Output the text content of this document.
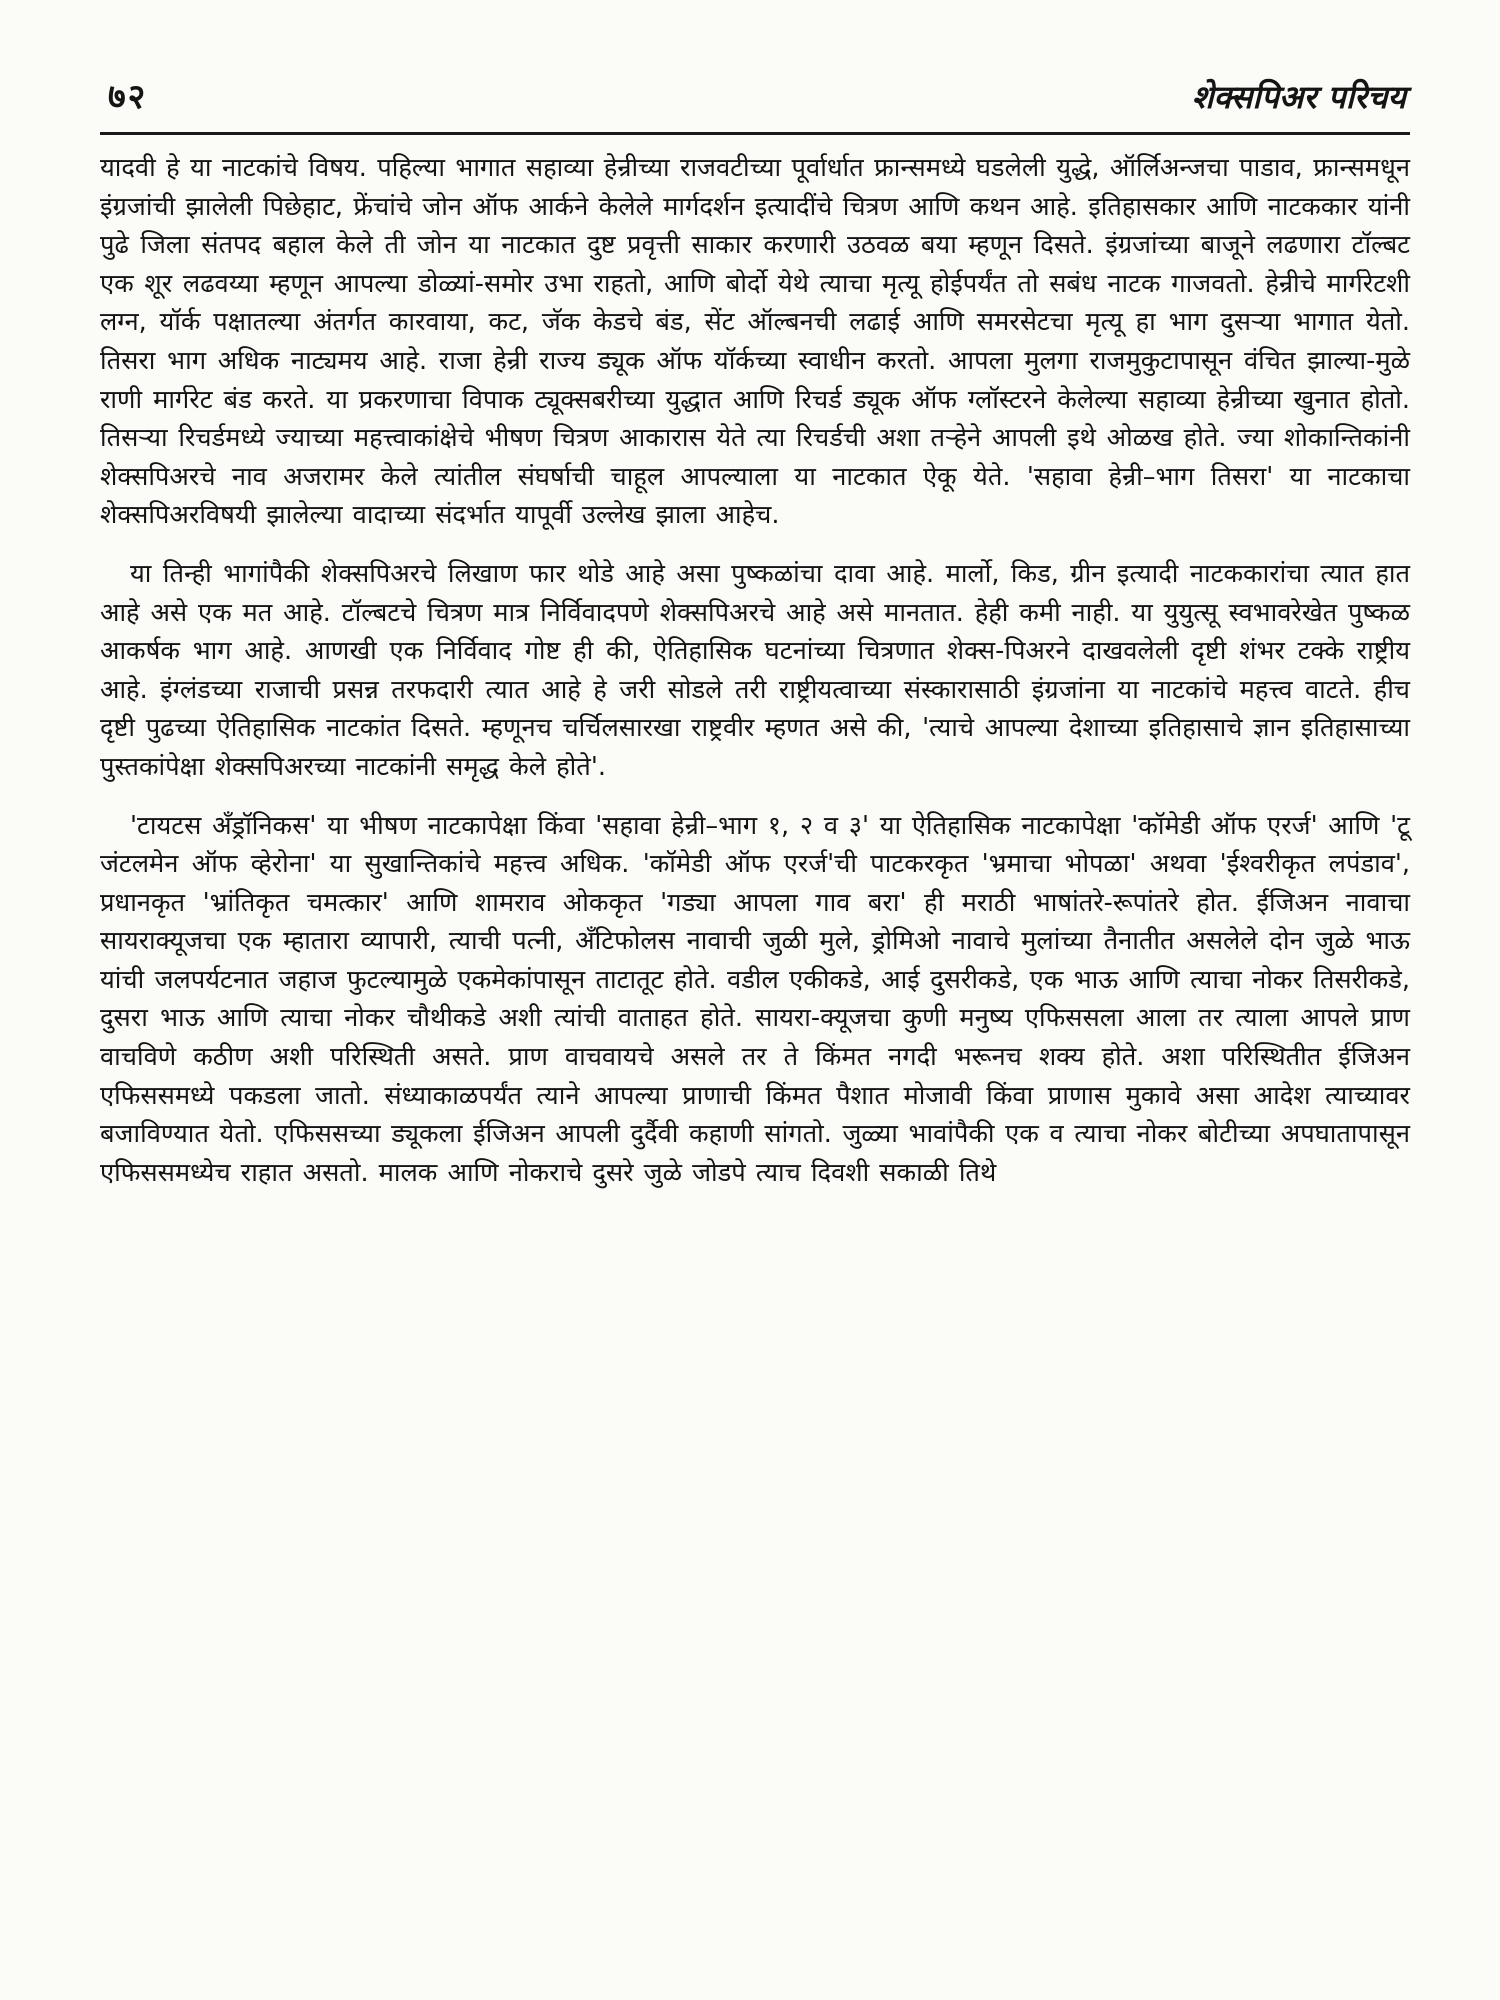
७२	शेक्सपिअर परिचय

यादवी हे या नाटकांचे विषय. पहिल्या भागात सहाव्या हेन्रीच्या राजवटीच्या पूर्वार्धात फ्रान्समध्ये घडलेली युद्धे, ऑर्लिअन्जचा पाडाव, फ्रान्समधून इंग्रजांची झालेली पिछेहाट, फ्रेंचांचे जोन ऑफ आर्कने केलेले मार्गदर्शन इत्यादींचे चित्रण आणि कथन आहे. इतिहासकार आणि नाटककार यांनी पुढे जिला संतपद बहाल केले ती जोन या नाटकात दुष्ट प्रवृत्ती साकार करणारी उठवळ बया म्हणून दिसते. इंग्रजांच्या बाजूने लढणारा टॉल्बट एक शूर लढवय्या म्हणून आपल्या डोळ्यां-समोर उभा राहतो, आणि बोर्दो येथे त्याचा मृत्यू होईपर्यंत तो सबंध नाटक गाजवतो. हेन्रीचे मार्गरेटशी लग्न, यॉर्क पक्षातल्या अंतर्गत कारवाया, कट, जॅक केडचे बंड, सेंट ऑल्बनची लढाई आणि समरसेटचा मृत्यू हा भाग दुसऱ्या भागात येतो. तिसरा भाग अधिक नाट्यमय आहे. राजा हेन्री राज्य ड्यूक ऑफ यॉर्कच्या स्वाधीन करतो. आपला मुलगा राजमुकुटापासून वंचित झाल्या-मुळे राणी मार्गरेट बंड करते. या प्रकरणाचा विपाक ट्यूक्सबरीच्या युद्धात आणि रिचर्ड ड्यूक ऑफ ग्लॉस्टरने केलेल्या सहाव्या हेन्रीच्या खुनात होतो. तिसऱ्या रिचर्डमध्ये ज्याच्या महत्त्वाकांक्षेचे भीषण चित्रण आकारास येते त्या रिचर्डची अशा तऱ्हेने आपली इथे ओळख होते. ज्या शोकान्तिकांनी शेक्सपिअरचे नाव अजरामर केले त्यांतील संघर्षाची चाहूल आपल्याला या नाटकात ऐकू येते. 'सहावा हेन्री–भाग तिसरा' या नाटकाचा शेक्सपिअरविषयी झालेल्या वादाच्या संदर्भात यापूर्वी उल्लेख झाला आहेच.

या तिन्ही भागांपैकी शेक्सपिअरचे लिखाण फार थोडे आहे असा पुष्कळांचा दावा आहे. मार्लो, किड, ग्रीन इत्यादी नाटककारांचा त्यात हात आहे असे एक मत आहे. टॉल्बटचे चित्रण मात्र निर्विवादपणे शेक्सपिअरचे आहे असे मानतात. हेही कमी नाही. या युयुत्सू स्वभावरेखेत पुष्कळ आकर्षक भाग आहे. आणखी एक निर्विवाद गोष्ट ही की, ऐतिहासिक घटनांच्या चित्रणात शेक्स-पिअरने दाखवलेली दृष्टी शंभर टक्के राष्ट्रीय आहे. इंग्लंडच्या राजाची प्रसन्न तरफदारी त्यात आहे हे जरी सोडले तरी राष्ट्रीयत्वाच्या संस्कारासाठी इंग्रजांना या नाटकांचे महत्त्व वाटते. हीच दृष्टी पुढच्या ऐतिहासिक नाटकांत दिसते. म्हणूनच चर्चिलसारखा राष्ट्रवीर म्हणत असे की, 'त्याचे आपल्या देशाच्या इतिहासाचे ज्ञान इतिहासाच्या पुस्तकांपेक्षा शेक्सपिअरच्या नाटकांनी समृद्ध केले होते'.

'टायटस अँड्रॉनिकस' या भीषण नाटकापेक्षा किंवा 'सहावा हेन्री–भाग १, २ व ३' या ऐतिहासिक नाटकापेक्षा 'कॉमेडी ऑफ एरर्ज' आणि 'टू जंटलमेन ऑफ व्हेरोना' या सुखान्तिकांचे महत्त्व अधिक. 'कॉमेडी ऑफ एरर्ज'ची पाटकरकृत 'भ्रमाचा भोपळा' अथवा 'ईश्वरीकृत लपंडाव', प्रधानकृत 'भ्रांतिकृत चमत्कार' आणि शामराव ओककृत 'गड्या आपला गाव बरा' ही मराठी भाषांतरे-रूपांतरे होत. ईजिअन नावाचा सायराक्यूजचा एक म्हातारा व्यापारी, त्याची पत्नी, अँटिफोलस नावाची जुळी मुले, ड्रोमिओ नावाचे मुलांच्या तैनातीत असलेले दोन जुळे भाऊ यांची जलपर्यटनात जहाज फुटल्यामुळे एकमेकांपासून ताटातूट होते. वडील एकीकडे, आई दुसरीकडे, एक भाऊ आणि त्याचा नोकर तिसरीकडे, दुसरा भाऊ आणि त्याचा नोकर चौथीकडे अशी त्यांची वाताहत होते. सायरा-क्यूजचा कुणी मनुष्य एफिससला आला तर त्याला आपले प्राण वाचविणे कठीण अशी परिस्थिती असते. प्राण वाचवायचे असले तर ते किंमत नगदी भरूनच शक्य होते. अशा परिस्थितीत ईजिअन एफिससमध्ये पकडला जातो. संध्याकाळपर्यंत त्याने आपल्या प्राणाची किंमत पैशात मोजावी किंवा प्राणास मुकावे असा आदेश त्याच्यावर बजाविण्यात येतो. एफिससच्या ड्यूकला ईजिअन आपली दुर्दैवी कहाणी सांगतो. जुळ्या भावांपैकी एक व त्याचा नोकर बोटीच्या अपघातापासून एफिससमध्येच राहात असतो. मालक आणि नोकराचे दुसरे जुळे जोडपे त्याच दिवशी सकाळी तिथे
